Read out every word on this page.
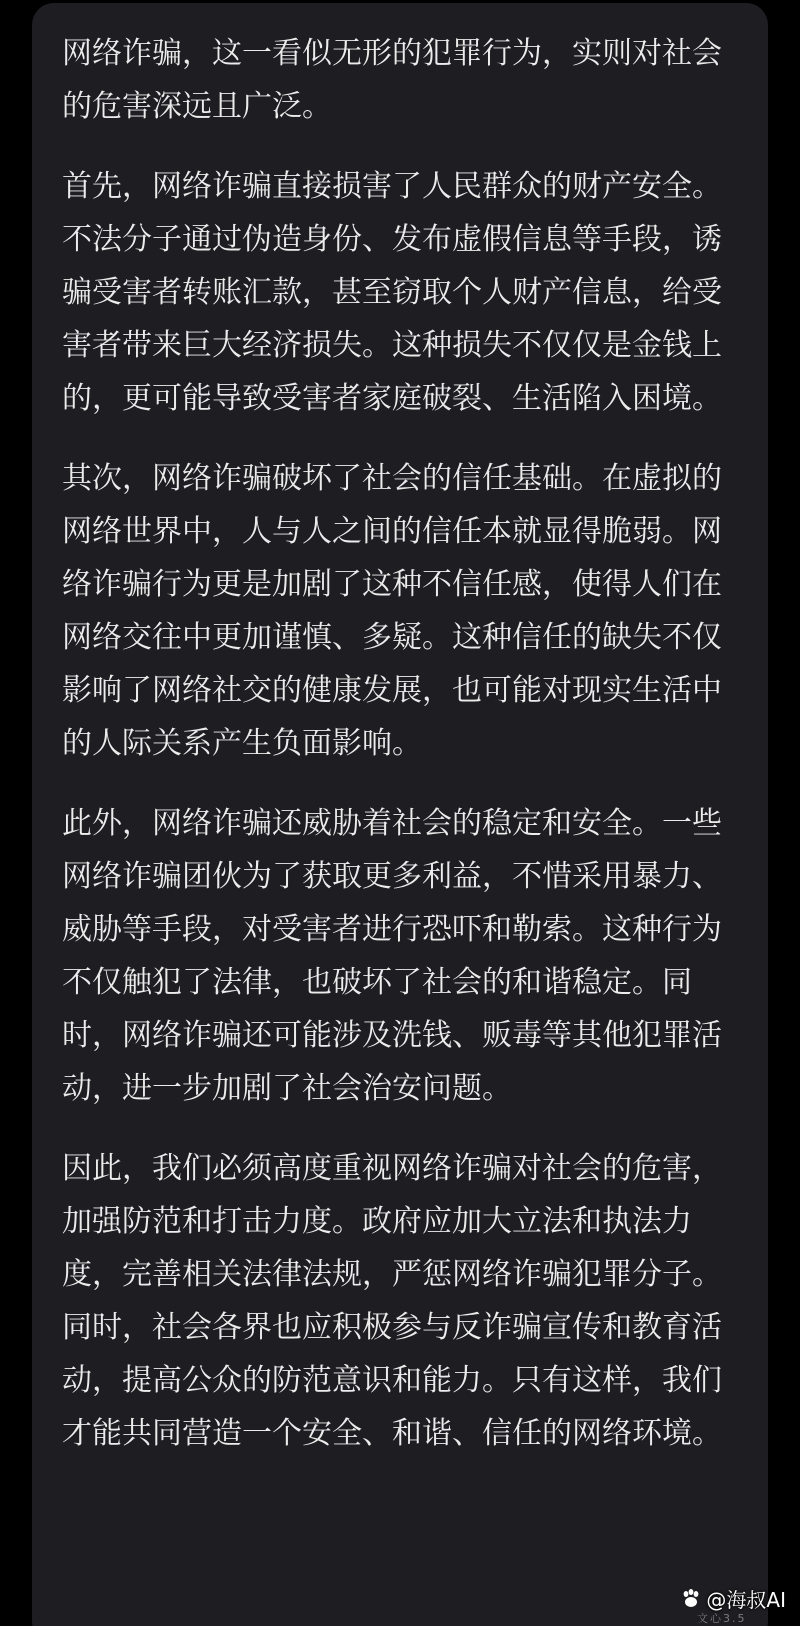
网络诈骗，这一看似无形的犯罪行为，实则对社会的危害深远且广泛。

首先，网络诈骗直接损害了人民群众的财产安全。不法分子通过伪造身份、发布虚假信息等手段，诱骗受害者转账汇款，甚至窃取个人财产信息，给受害者带来巨大经济损失。这种损失不仅仅是金钱上的，更可能导致受害者家庭破裂、生活陷入困境。

其次，网络诈骗破坏了社会的信任基础。在虚拟的网络世界中，人与人之间的信任本就显得脆弱。网络诈骗行为更是加剧了这种不信任感，使得人们在网络交往中更加谨慎、多疑。这种信任的缺失不仅影响了网络社交的健康发展，也可能对现实生活中的人际关系产生负面影响。

此外，网络诈骗还威胁着社会的稳定和安全。一些网络诈骗团伙为了获取更多利益，不惜采用暴力、威胁等手段，对受害者进行恐吓和勒索。这种行为不仅触犯了法律，也破坏了社会的和谐稳定。同时，网络诈骗还可能涉及洗钱、贩毒等其他犯罪活动，进一步加剧了社会治安问题。

因此，我们必须高度重视网络诈骗对社会的危害，加强防范和打击力度。政府应加大立法和执法力度，完善相关法律法规，严惩网络诈骗犯罪分子。同时，社会各界也应积极参与反诈骗宣传和教育活动，提高公众的防范意识和能力。只有这样，我们才能共同营造一个安全、和谐、信任的网络环境。

文心3.5
@海叔AI
